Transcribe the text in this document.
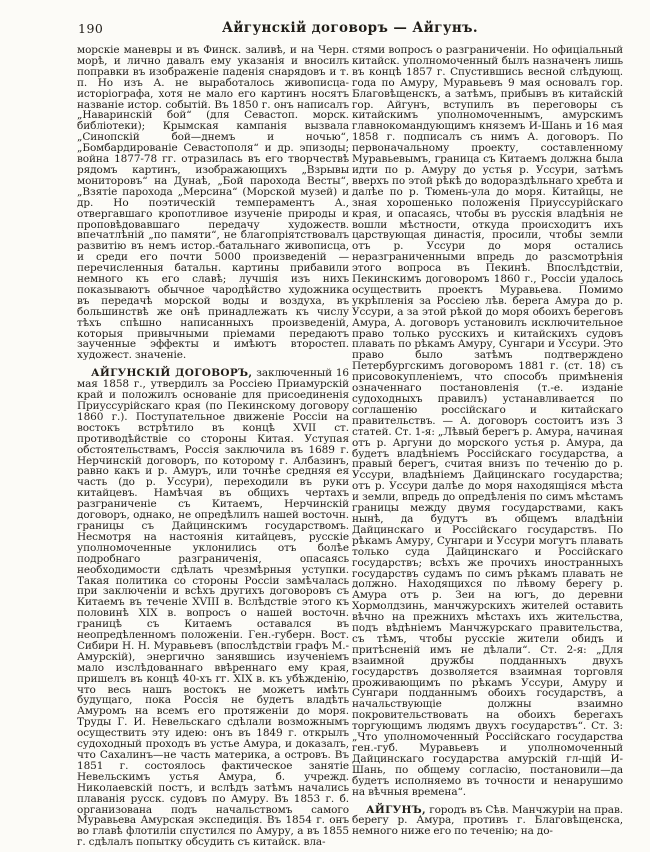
190	Айгунскій договоръ — Айгунъ.

морскіе маневры и въ Финск. заливѣ, и на Черн. морѣ, и лично давалъ ему указанія и вносилъ поправки въ изображеніе паденія снарядовъ и т. п. Но изъ А. не выработалось живописца-исторіографа, хотя не мало его картинъ носятъ названіе истор. событій. Въ 1850 г. онъ написалъ „Наваринскій бой“ (для Севастоп. морск. библіотеки); Крымская кампанія вызвала „Синопскій бой—днемъ и ночью“, „Бомбардированіе Севастополя“ и др. эпизоды; война 1877-78 гг. отразилась въ его творчествѣ рядомъ картинъ, изображающихъ „Взрывы мониторовъ“ на Дунаѣ, „Бой парохода Весты“, „Взятіе парохода „Мерсина“ (Морской музей) и др. Но поэтическій темпераментъ А., отвергавшаго кропотливое изученіе природы и проповѣдовавшаго передачу художеств. впечатлѣній „по памяти“, не благопріятствовалъ развитію въ немъ истор.-батальнаго живописца, и среди его почти 5000 произведеній — перечисленныя батальн. картины прибавили немного къ его славѣ; лучшія изъ нихъ показываютъ обычное чародѣйство художника въ передачѣ морской воды и воздуха, въ большинствѣ же онѣ принадлежать къ числу тѣхъ спѣшно написанныхъ произведеній, которыя привычными пріемами передаютъ заученные эффекты и имѣютъ второстеп. художест. значеніе.

АЙГУНСКІЙ ДОГОВОРЪ, заключенный 16 мая 1858 г., утвердилъ за Россіею Приамурскій край и положилъ основаніе для присоединенія Приуссурійскаго края (по Пекинскому договору 1860 г.). Поступательное движеніе Россіи на востокъ встрѣтило въ концѣ XVII ст. противодѣйствіе со стороны Китая. Уступая обстоятельствамъ, Россія заключила въ 1689 г. Нерчинскій договоръ, по которому г. Албазинъ, равно какъ и р. Амуръ, или точнѣе средняя ея часть (до р. Уссури), переходили въ руки китайцевъ. Намѣчая въ общихъ чертахъ разграниченіе съ Китаемъ, Нерчинскій договоръ, однако, не опредѣлилъ нашей восточн. границы съ Дайцинскимъ государствомъ. Несмотря на настоянія китайцевъ, русскіе уполномоченные уклонились отъ болѣе подробнаго разграниченія, опасаясь необходимости сдѣлать чрезмѣрныя уступки. Такая политика со стороны Россіи замѣчалась при заключеніи и всѣхъ другихъ договоровъ съ Китаемъ въ теченіе XVIII в. Вслѣдствіе этого къ половинѣ XIX в. вопросъ о нашей восточн. границѣ съ Китаемъ оставался въ неопредѣленномъ положеніи. Ген.-губерн. Вост. Сибири Н. Н. Муравьевъ (впослѣдствіи графъ М.-Амурскій), энергично занявшись изученіемъ мало изслѣдованнаго ввѣреннаго ему края, пришелъ въ концѣ 40-хъ гг. XIX в. къ убѣжденію, что весь нашъ востокъ не можетъ имѣть будущаго, пока Россія не будетъ владѣть Амуромъ на всемъ его протяженіи до моря. Труды Г. И. Невельскаго сдѣлали возможнымъ осуществить эту идею: онъ въ 1849 г. открылъ судоходный проходъ въ устье Амура, и доказалъ, что Сахалинъ—не часть материка, а островъ. Въ 1851 г. состоялось фактическое занятіе Невельскимъ устья Амура, б. учрежд. Николаевскій постъ, и вслѣдъ затѣмъ начались плаванія русск. судовъ по Амуру. Въ 1853 г. б. организована подъ начальствомъ самого Муравьева Амурская экспедиція. Въ 1854 г. онъ во главѣ флотиліи спустился по Амуру, а въ 1855 г. сдѣлалъ попытку обсудить съ китайск. вла-

стями вопросъ о разграниченіи. Но офиціальный китайск. уполномоченный былъ назначенъ лишь въ концѣ 1857 г. Спустившись весной слѣдующ. года по Амуру, Муравьевъ 9 мая основалъ гор. Благовѣщенскъ, а затѣмъ, прибывъ въ китайскій гор. Айгунъ, вступилъ въ переговоры съ китайскимъ уполномоченнымъ, амурскимъ главнокомандующимъ княземъ И-Шань и 16 мая 1858 г. подписалъ съ нимъ А. договоръ. По первоначальному проекту, составленному Муравьевымъ, граница съ Китаемъ должна была идти по р. Амуру до устья р. Уссури, затѣмъ вверхъ по этой рѣкѣ до водораздѣльнаго хребта и далѣе по р. Тюмень-ула до моря. Китайцы, не зная хорошенько положенія Приуссурійскаго края, и опасаясь, чтобы въ русскія владѣнія не вошли мѣстности, откуда происходитъ ихъ царствующая династія, просили, чтобы земли отъ р. Уссури до моря остались неразграниченными впредь до разсмотрѣнія этого вопроса въ Пекинѣ. Впослѣдствіи, Пекинскимъ договоромъ 1860 г., Россіи удалось осуществить проектъ Муравьева. Помимо укрѣпленія за Россіею лѣв. берега Амура до р. Уссури, а за этой рѣкой до моря обоихъ береговъ Амура, А. договоръ установилъ исключительное право только русскихъ и китайскихъ судовъ плавать по рѣкамъ Амуру, Сунгари и Уссури. Это право было затѣмъ подтверждено Петербургскимъ договоромъ 1881 г. (ст. 18) съ присовокупленіемъ, что способъ примѣненія означеннаго постановленія (т.-е. изданіе судоходныхъ правилъ) устанавливается по соглашенію россійскаго и китайскаго правительствъ. — А. договоръ состоитъ изъ 3 статей. Ст. 1-я: „Лѣвый берегъ р. Амура, начиная отъ р. Аргуни до морского устья р. Амура, да будетъ владѣніемъ Россійскаго государства, а правый берегъ, считая внизъ по теченію до р. Уссури, владѣніемъ Дайцинскаго государства; отъ р. Уссури далѣе до моря находящіяся мѣста и земли, впредь до опредѣленія по симъ мѣстамъ границы между двумя государствами, какъ нынѣ, да будутъ въ общемъ владѣніи Дайцинскаго и Россійскаго государствъ. По рѣкамъ Амуру, Сунгари и Уссури могутъ плавать только суда Дайцинскаго и Россійскаго государствъ; всѣхъ же прочихъ иностранныхъ государствъ судамъ по симъ рѣкамъ плавать не должно. Находящихся по лѣвому берегу р. Амура отъ р. Зеи на югъ, до деревни Хормолдзинь, манчжурскихъ жителей оставить вѣчно на прежнихъ мѣстахъ ихъ жительства, подъ вѣдѣніемъ Манчжурскаго правительства, съ тѣмъ, чтобы русскіе жители обидъ и притѣсненій имъ не дѣлали“. Ст. 2-я: „Для взаимной дружбы подданныхъ двухъ государствъ дозволяется взаимная торговля проживающимъ по рѣкамъ Уссури, Амуру и Сунгари подданнымъ обоихъ государствъ, а начальствующіе должны взаимно покровительствовать на обоихъ берегахъ торгующимъ людямъ двухъ государствъ“. Ст. 3: „Что уполномоченный Россійскаго государства ген.-губ. Муравьевъ и уполномоченный Дайцинскаго государства амурскій гл-щій И-Шань, по общему согласію, постановили—да будетъ исполняемо въ точности и ненарушимо на вѣчныя времена“.

АЙГУНЪ, городъ въ Сѣв. Манчжуріи на прав. берегу р. Амура, противъ г. Благовѣщенска, немного ниже его по теченію; на до-
